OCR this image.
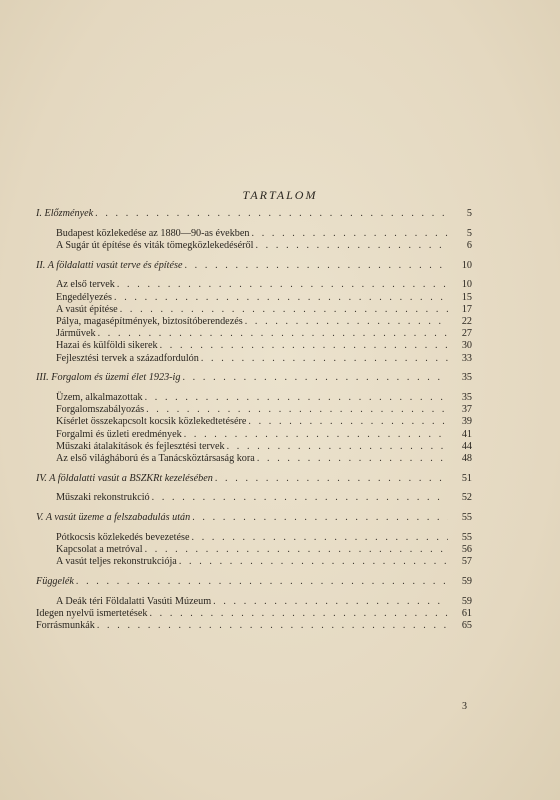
TARTALOM
I. Előzmények . . .	5
Budapest közlekedése az 1880—90-as években . . .	5
A Sugár út építése és viták tömegközlekedéséről . . .	6
II. A földalatti vasút terve és építése . . .	10
Az első tervek . . .	10
Engedélyezés . . .	15
A vasút építése . . .	17
Pálya, magasépítmények, biztosítóberendezés . . .	22
Járművek . . .	27
Hazai és külföldi sikerek . . .	30
Fejlesztési tervek a századfordulón . . .	33
III. Forgalom és üzemi élet 1923-ig . . .	35
Üzem, alkalmazottak . . .	35
Forgalomszabályozás . . .	37
Kísérlet összekapcsolt kocsik közlekedtetésére . . .	39
Forgalmi és üzleti eredmények . . .	41
Műszaki átalakítások és fejlesztési tervek . . .	44
Az első világháború és a Tanácsköztársaság kora . . .	48
IV. A földalatti vasút a BSZKRt kezelésében . . .	51
Műszaki rekonstrukció . . .	52
V. A vasút üzeme a felszabadulás után . . .	55
Pótkocsis közlekedés bevezetése . . .	55
Kapcsolat a metróval . . .	56
A vasút teljes rekonstrukciója . . .	57
Függelék . . .	59
A Deák téri Földalatti Vasúti Múzeum . . .	59
Idegen nyelvű ismertetések . . .	61
Forrásmunkák . . .	65
3
